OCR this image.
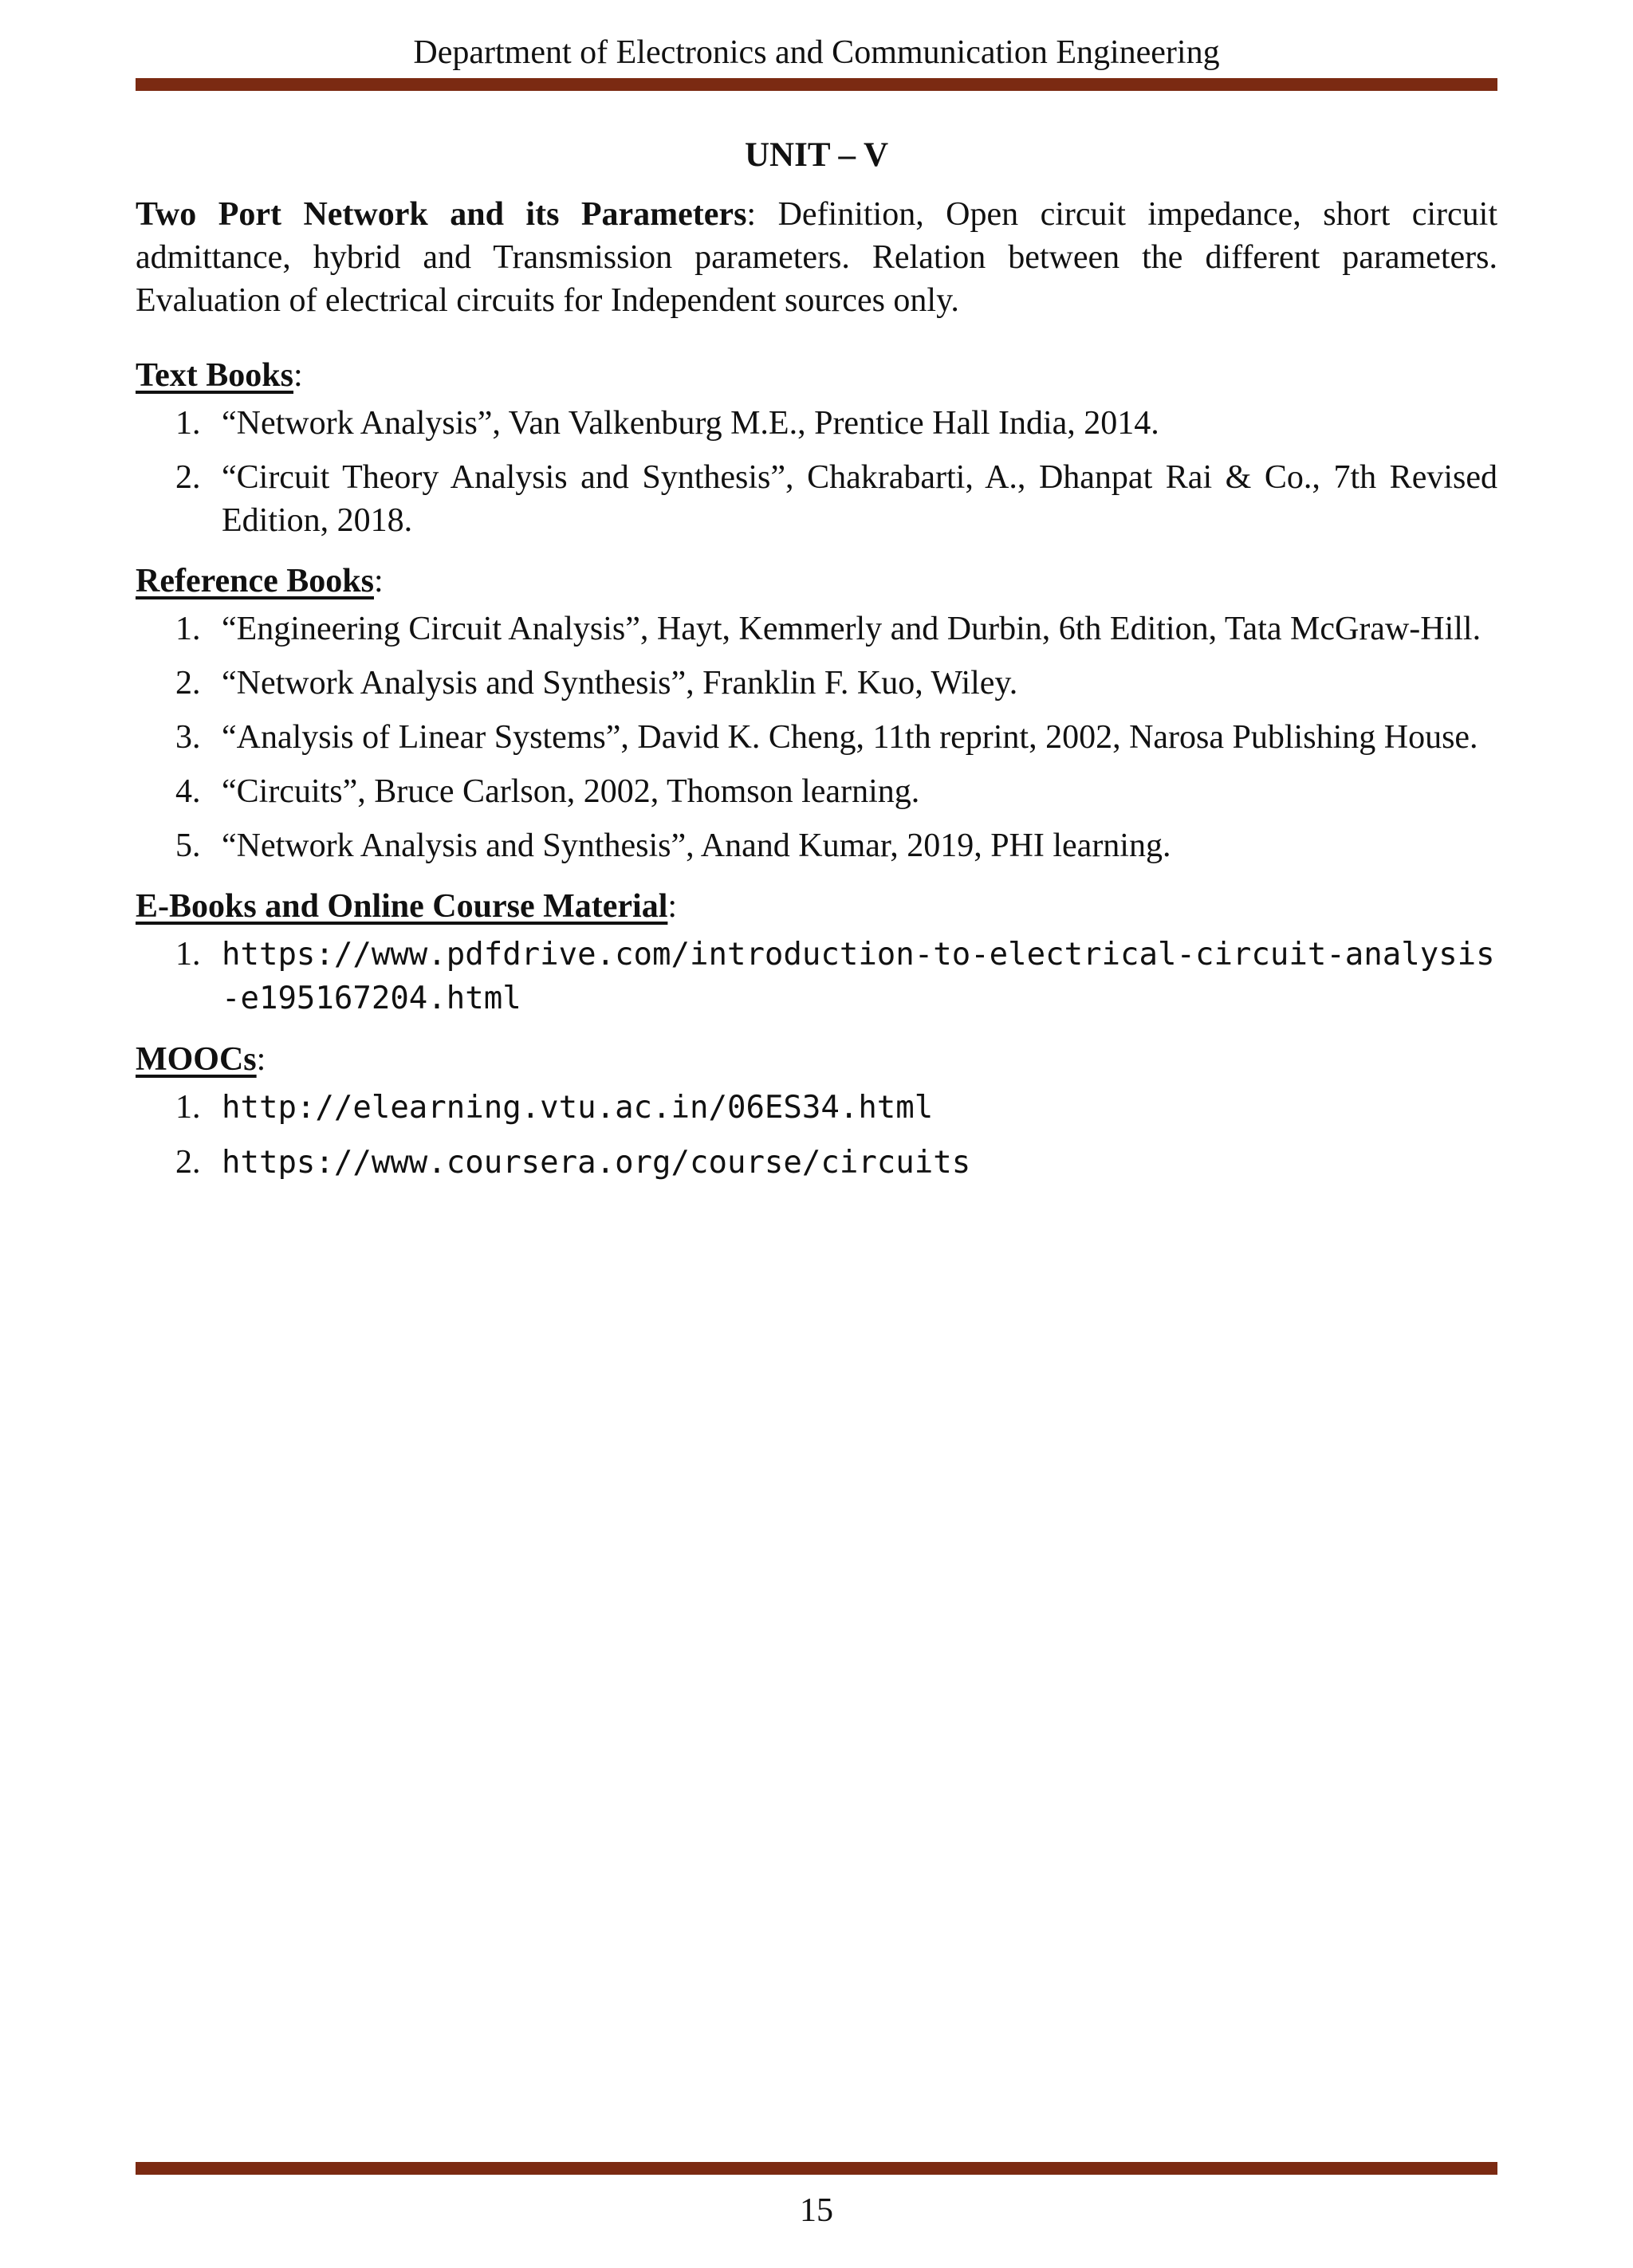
Department of Electronics and Communication Engineering
UNIT – V

Two Port Network and its Parameters: Definition, Open circuit impedance, short circuit admittance, hybrid and Transmission parameters. Relation between the different parameters. Evaluation of electrical circuits for Independent sources only.

Text Books:
1. “Network Analysis”, Van Valkenburg M.E., Prentice Hall India, 2014.
2. “Circuit Theory Analysis and Synthesis”, Chakrabarti, A., Dhanpat Rai & Co., 7th Revised Edition, 2018.
Reference Books:
1. “Engineering Circuit Analysis”, Hayt, Kemmerly and Durbin, 6th Edition, Tata McGraw-Hill.
2. “Network Analysis and Synthesis”, Franklin F. Kuo, Wiley.
3. “Analysis of Linear Systems”, David K. Cheng, 11th reprint, 2002, Narosa Publishing House.
4. “Circuits”, Bruce Carlson, 2002, Thomson learning.
5. “Network Analysis and Synthesis”, Anand Kumar, 2019, PHI learning.
E-Books and Online Course Material:
1. https://www.pdfdrive.com/introduction-to-electrical-circuit-analysis-e195167204.html
MOOCs:
1. http://elearning.vtu.ac.in/06ES34.html
2. https://www.coursera.org/course/circuits
15
